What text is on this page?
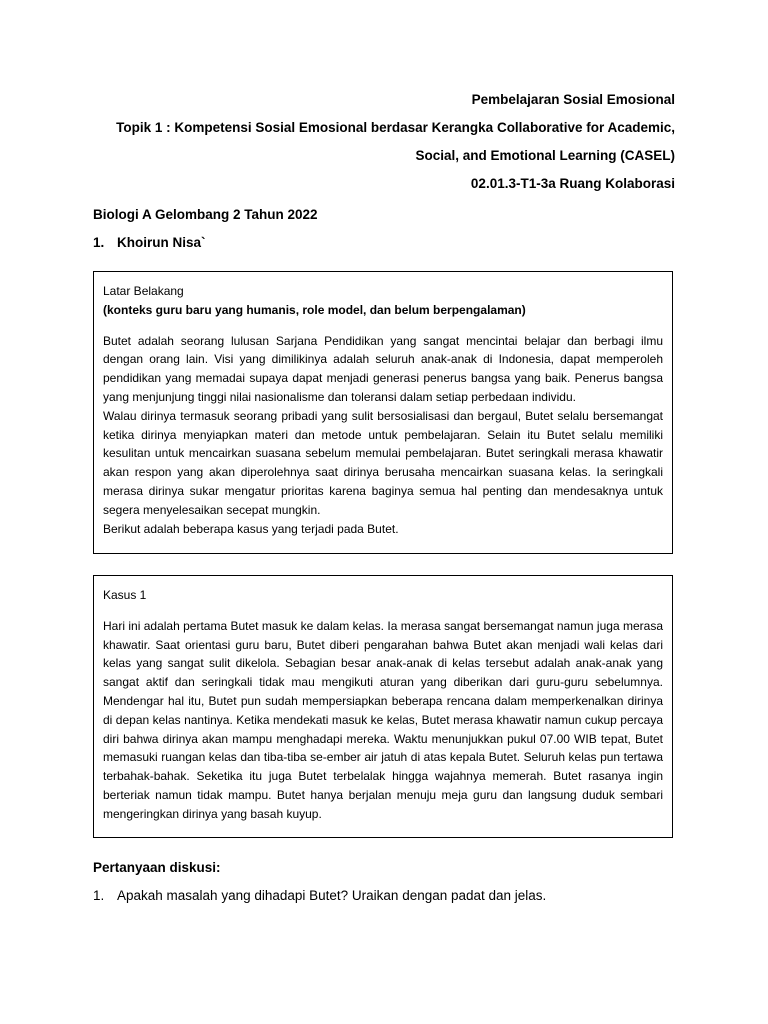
Pembelajaran Sosial Emosional
Topik 1 : Kompetensi Sosial Emosional berdasar Kerangka Collaborative for Academic,
Social, and Emotional Learning (CASEL)
02.01.3-T1-3a Ruang Kolaborasi
Biologi A Gelombang 2 Tahun 2022
1. Khoirun Nisa`
Latar Belakang
(konteks guru baru yang humanis, role model, dan belum berpengalaman)

Butet adalah seorang lulusan Sarjana Pendidikan yang sangat mencintai belajar dan berbagi ilmu dengan orang lain. Visi yang dimilikinya adalah seluruh anak-anak di Indonesia, dapat memperoleh pendidikan yang memadai supaya dapat menjadi generasi penerus bangsa yang baik. Penerus bangsa yang menjunjung tinggi nilai nasionalisme dan toleransi dalam setiap perbedaan individu.

Walau dirinya termasuk seorang pribadi yang sulit bersosialisasi dan bergaul, Butet selalu bersemangat ketika dirinya menyiapkan materi dan metode untuk pembelajaran. Selain itu Butet selalu memiliki kesulitan untuk mencairkan suasana sebelum memulai pembelajaran. Butet seringkali merasa khawatir akan respon yang akan diperolehnya saat dirinya berusaha mencairkan suasana kelas. Ia seringkali merasa dirinya sukar mengatur prioritas karena baginya semua hal penting dan mendesaknya untuk segera menyelesaikan secepat mungkin.

Berikut adalah beberapa kasus yang terjadi pada Butet.

Kasus 1

Hari ini adalah pertama Butet masuk ke dalam kelas. Ia merasa sangat bersemangat namun juga merasa khawatir. Saat orientasi guru baru, Butet diberi pengarahan bahwa Butet akan menjadi wali kelas dari kelas yang sangat sulit dikelola. Sebagian besar anak-anak di kelas tersebut adalah anak-anak yang sangat aktif dan seringkali tidak mau mengikuti aturan yang diberikan dari guru-guru sebelumnya. Mendengar hal itu, Butet pun sudah mempersiapkan beberapa rencana dalam memperkenalkan dirinya di depan kelas nantinya. Ketika mendekati masuk ke kelas, Butet merasa khawatir namun cukup percaya diri bahwa dirinya akan mampu menghadapi mereka. Waktu menunjukkan pukul 07.00 WIB tepat, Butet memasuki ruangan kelas dan tiba-tiba se-ember air jatuh di atas kepala Butet. Seluruh kelas pun tertawa terbahak-bahak. Seketika itu juga Butet terbelalak hingga wajahnya memerah. Butet rasanya ingin berteriak namun tidak mampu. Butet hanya berjalan menuju meja guru dan langsung duduk sembari mengeringkan dirinya yang basah kuyup.

Pertanyaan diskusi:
1. Apakah masalah yang dihadapi Butet? Uraikan dengan padat dan jelas.
